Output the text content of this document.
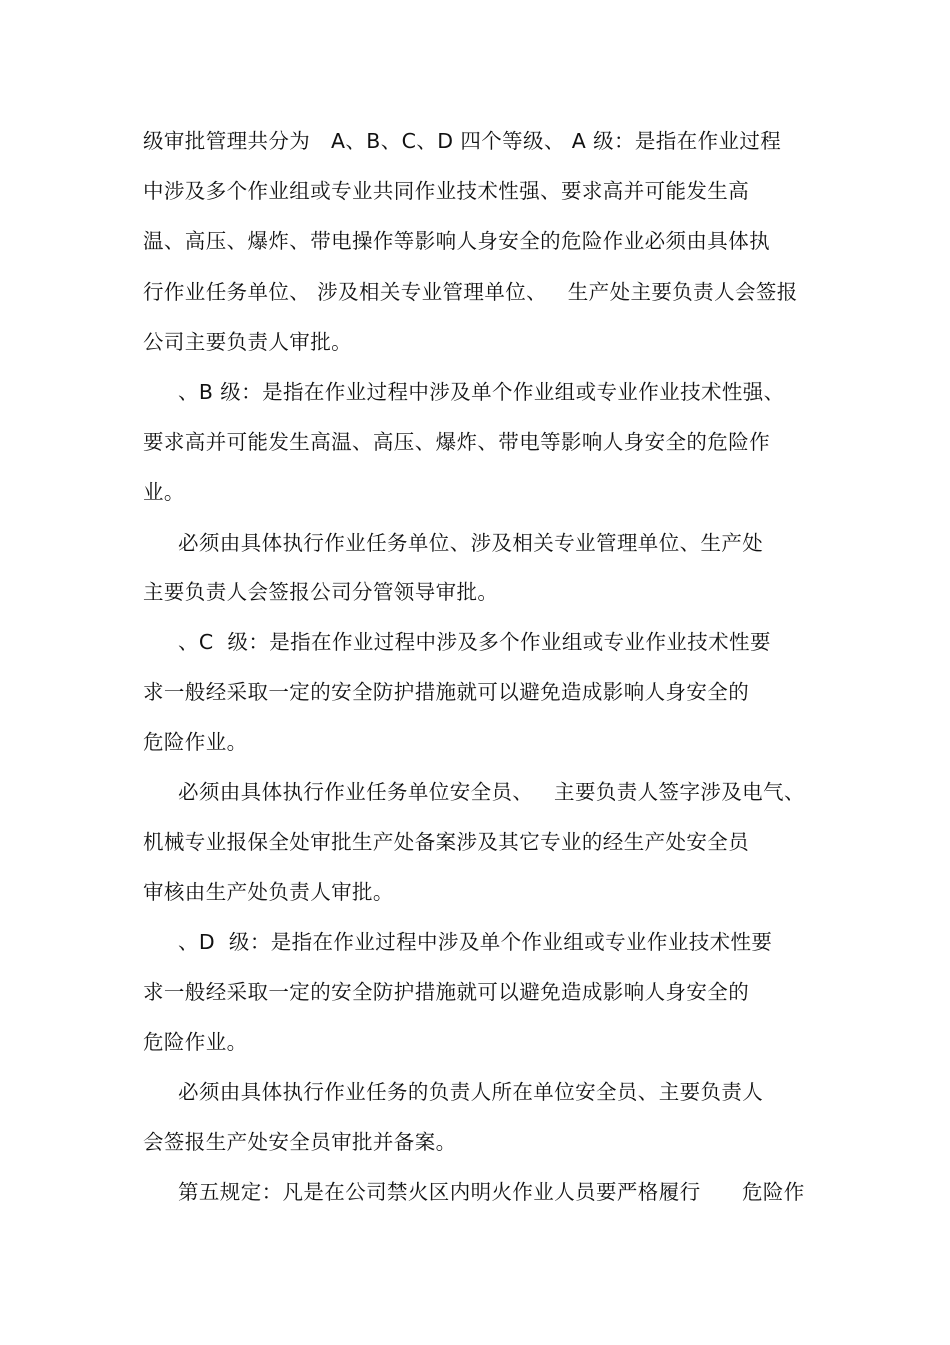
级审批管理共分为   A、B、C、D 四个等级、 A 级：是指在作业过程
中涉及多个作业组或专业共同作业技术性强、要求高并可能发生高
温、高压、爆炸、带电操作等影响人身安全的危险作业必须由具体执
行作业任务单位、 涉及相关专业管理单位、   生产处主要负责人会签报
公司主要负责人审批。
、B 级：是指在作业过程中涉及单个作业组或专业作业技术性强、
要求高并可能发生高温、高压、爆炸、带电等影响人身安全的危险作
业。
必须由具体执行作业任务单位、涉及相关专业管理单位、生产处
主要负责人会签报公司分管领导审批。
、C  级：是指在作业过程中涉及多个作业组或专业作业技术性要
求一般经采取一定的安全防护措施就可以避免造成影响人身安全的
危险作业。
必须由具体执行作业任务单位安全员、   主要负责人签字涉及电气、
机械专业报保全处审批生产处备案涉及其它专业的经生产处安全员
审核由生产处负责人审批。
、D  级：是指在作业过程中涉及单个作业组或专业作业技术性要
求一般经采取一定的安全防护措施就可以避免造成影响人身安全的
危险作业。
必须由具体执行作业任务的负责人所在单位安全员、主要负责人
会签报生产处安全员审批并备案。
第五规定：凡是在公司禁火区内明火作业人员要严格履行      危险作
